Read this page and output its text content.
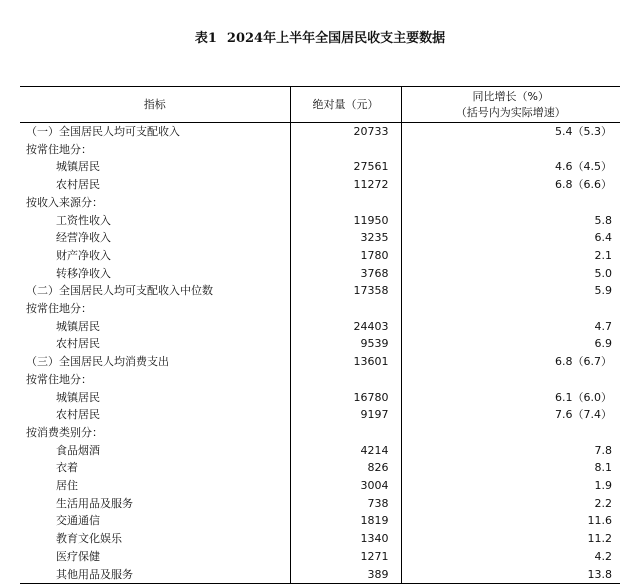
表1 2024年上半年全国居民收支主要数据
指标	绝对量（元）	同比增长（%）
（括号内为实际增速）

（一）全国居民人均可支配收入	20733	5.4（5.3）
按常住地分：		
城镇居民	27561	4.6（4.5）
农村居民	11272	6.8（6.6）
按收入来源分：		
工资性收入	11950	5.8
经营净收入	3235	6.4
财产净收入	1780	2.1
转移净收入	3768	5.0
（二）全国居民人均可支配收入中位数	17358	5.9
按常住地分：		
城镇居民	24403	4.7
农村居民	9539	6.9
（三）全国居民人均消费支出	13601	6.8（6.7）
按常住地分：		
城镇居民	16780	6.1（6.0）
农村居民	9197	7.6（7.4）
按消费类别分：		
食品烟酒	4214	7.8
衣着	826	8.1
居住	3004	1.9
生活用品及服务	738	2.2
交通通信	1819	11.6
教育文化娱乐	1340	11.2
医疗保健	1271	4.2
其他用品及服务	389	13.8
